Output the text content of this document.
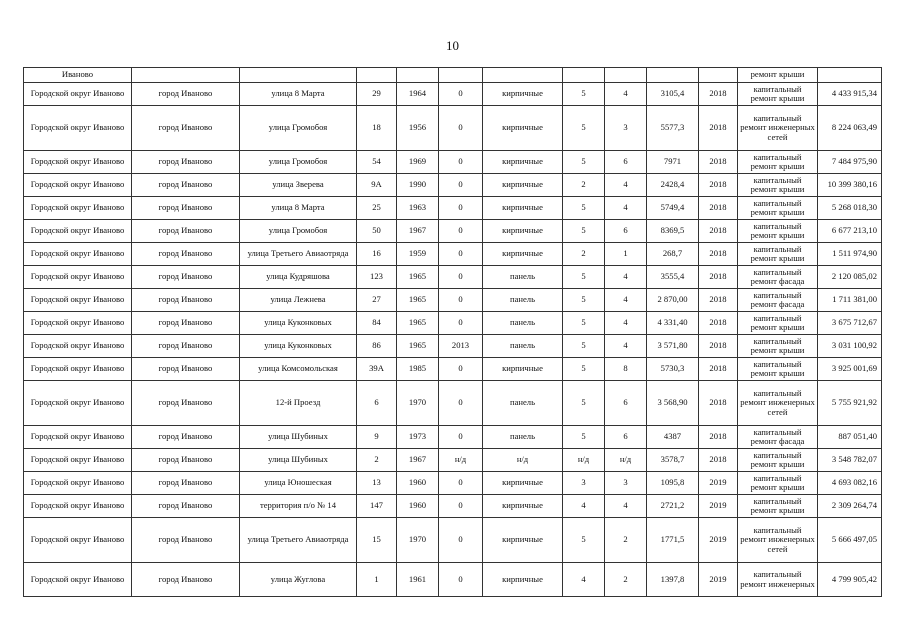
10
Иваново											ремонт крыши	
Городской округ Иваново	город Иваново	улица 8 Марта	29	1964	0	кирпичные	5	4	3105,4	2018	капитальный ремонт крыши	4 433 915,34
Городской округ Иваново	город Иваново	улица Громобоя	18	1956	0	кирпичные	5	3	5577,3	2018	капитальный ремонт инженерных сетей	8 224 063,49
Городской округ Иваново	город Иваново	улица Громобоя	54	1969	0	кирпичные	5	6	7971	2018	капитальный ремонт крыши	7 484 975,90
Городской округ Иваново	город Иваново	улица Зверева	9А	1990	0	кирпичные	2	4	2428,4	2018	капитальный ремонт крыши	10 399 380,16
Городской округ Иваново	город Иваново	улица 8 Марта	25	1963	0	кирпичные	5	4	5749,4	2018	капитальный ремонт крыши	5 268 018,30
Городской округ Иваново	город Иваново	улица Громобоя	50	1967	0	кирпичные	5	6	8369,5	2018	капитальный ремонт крыши	6 677 213,10
Городской округ Иваново	город Иваново	улица Третьего Авиаотряда	16	1959	0	кирпичные	2	1	268,7	2018	капитальный ремонт крыши	1 511 974,90
Городской округ Иваново	город Иваново	улица Кудряшова	123	1965	0	панель	5	4	3555,4	2018	капитальный ремонт фасада	2 120 085,02
Городской округ Иваново	город Иваново	улица Лежнева	27	1965	0	панель	5	4	2 870,00	2018	капитальный ремонт фасада	1 711 381,00
Городской округ Иваново	город Иваново	улица Куконковых	84	1965	0	панель	5	4	4 331,40	2018	капитальный ремонт крыши	3 675 712,67
Городской округ Иваново	город Иваново	улица Куконковых	86	1965	2013	панель	5	4	3 571,80	2018	капитальный ремонт крыши	3 031 100,92
Городской округ Иваново	город Иваново	улица Комсомольская	39А	1985	0	кирпичные	5	8	5730,3	2018	капитальный ремонт крыши	3 925 001,69
Городской округ Иваново	город Иваново	12-й Проезд	6	1970	0	панель	5	6	3 568,90	2018	капитальный ремонт инженерных сетей	5 755 921,92
Городской округ Иваново	город Иваново	улица Шубиных	9	1973	0	панель	5	6	4387	2018	капитальный ремонт фасада	887 051,40
Городской округ Иваново	город Иваново	улица Шубиных	2	1967	н/д	н/д	н/д	н/д	3578,7	2018	капитальный ремонт крыши	3 548 782,07
Городской округ Иваново	город Иваново	улица Юношеская	13	1960	0	кирпичные	3	3	1095,8	2019	капитальный ремонт крыши	4 693 082,16
Городской округ Иваново	город Иваново	территория п/о № 14	147	1960	0	кирпичные	4	4	2721,2	2019	капитальный ремонт крыши	2 309 264,74
Городской округ Иваново	город Иваново	улица Третьего Авиаотряда	15	1970	0	кирпичные	5	2	1771,5	2019	капитальный ремонт инженерных сетей	5 666 497,05
Городской округ Иваново	город Иваново	улица Жуглова	1	1961	0	кирпичные	4	2	1397,8	2019	капитальный ремонт инженерных	4 799 905,42
